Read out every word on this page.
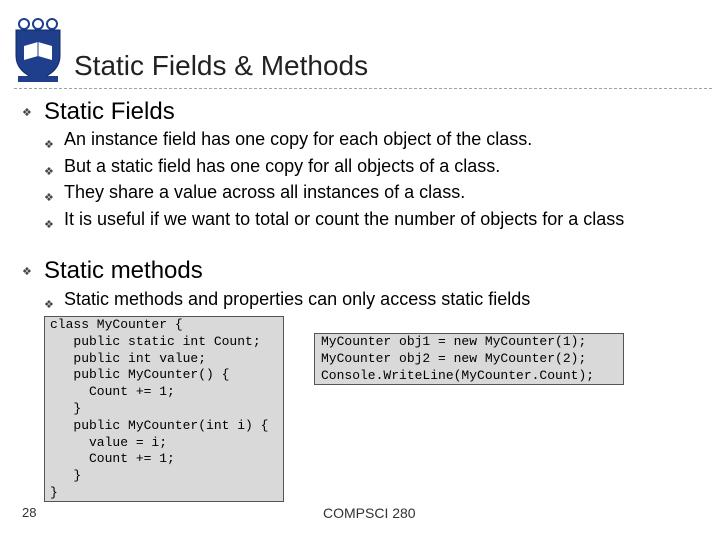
Static Fields & Methods
❖ Static Fields
❖ An instance field has one copy for each object of the class.
❖ But a static field has one copy for all objects of a class.
❖ They share a value across all instances of a class.
❖ It is useful if we want to total or count the number of objects for a class
❖ Static methods
❖ Static methods and properties can only access static fields
class MyCounter {
public static int Count;
public int value;
public MyCounter() {
Count += 1;
}
public MyCounter(int i) {
value = i;
Count += 1;
}
}
MyCounter obj1 = new MyCounter(1);
MyCounter obj2 = new MyCounter(2);
Console.WriteLine(MyCounter.Count);
28	COMPSCI 280
